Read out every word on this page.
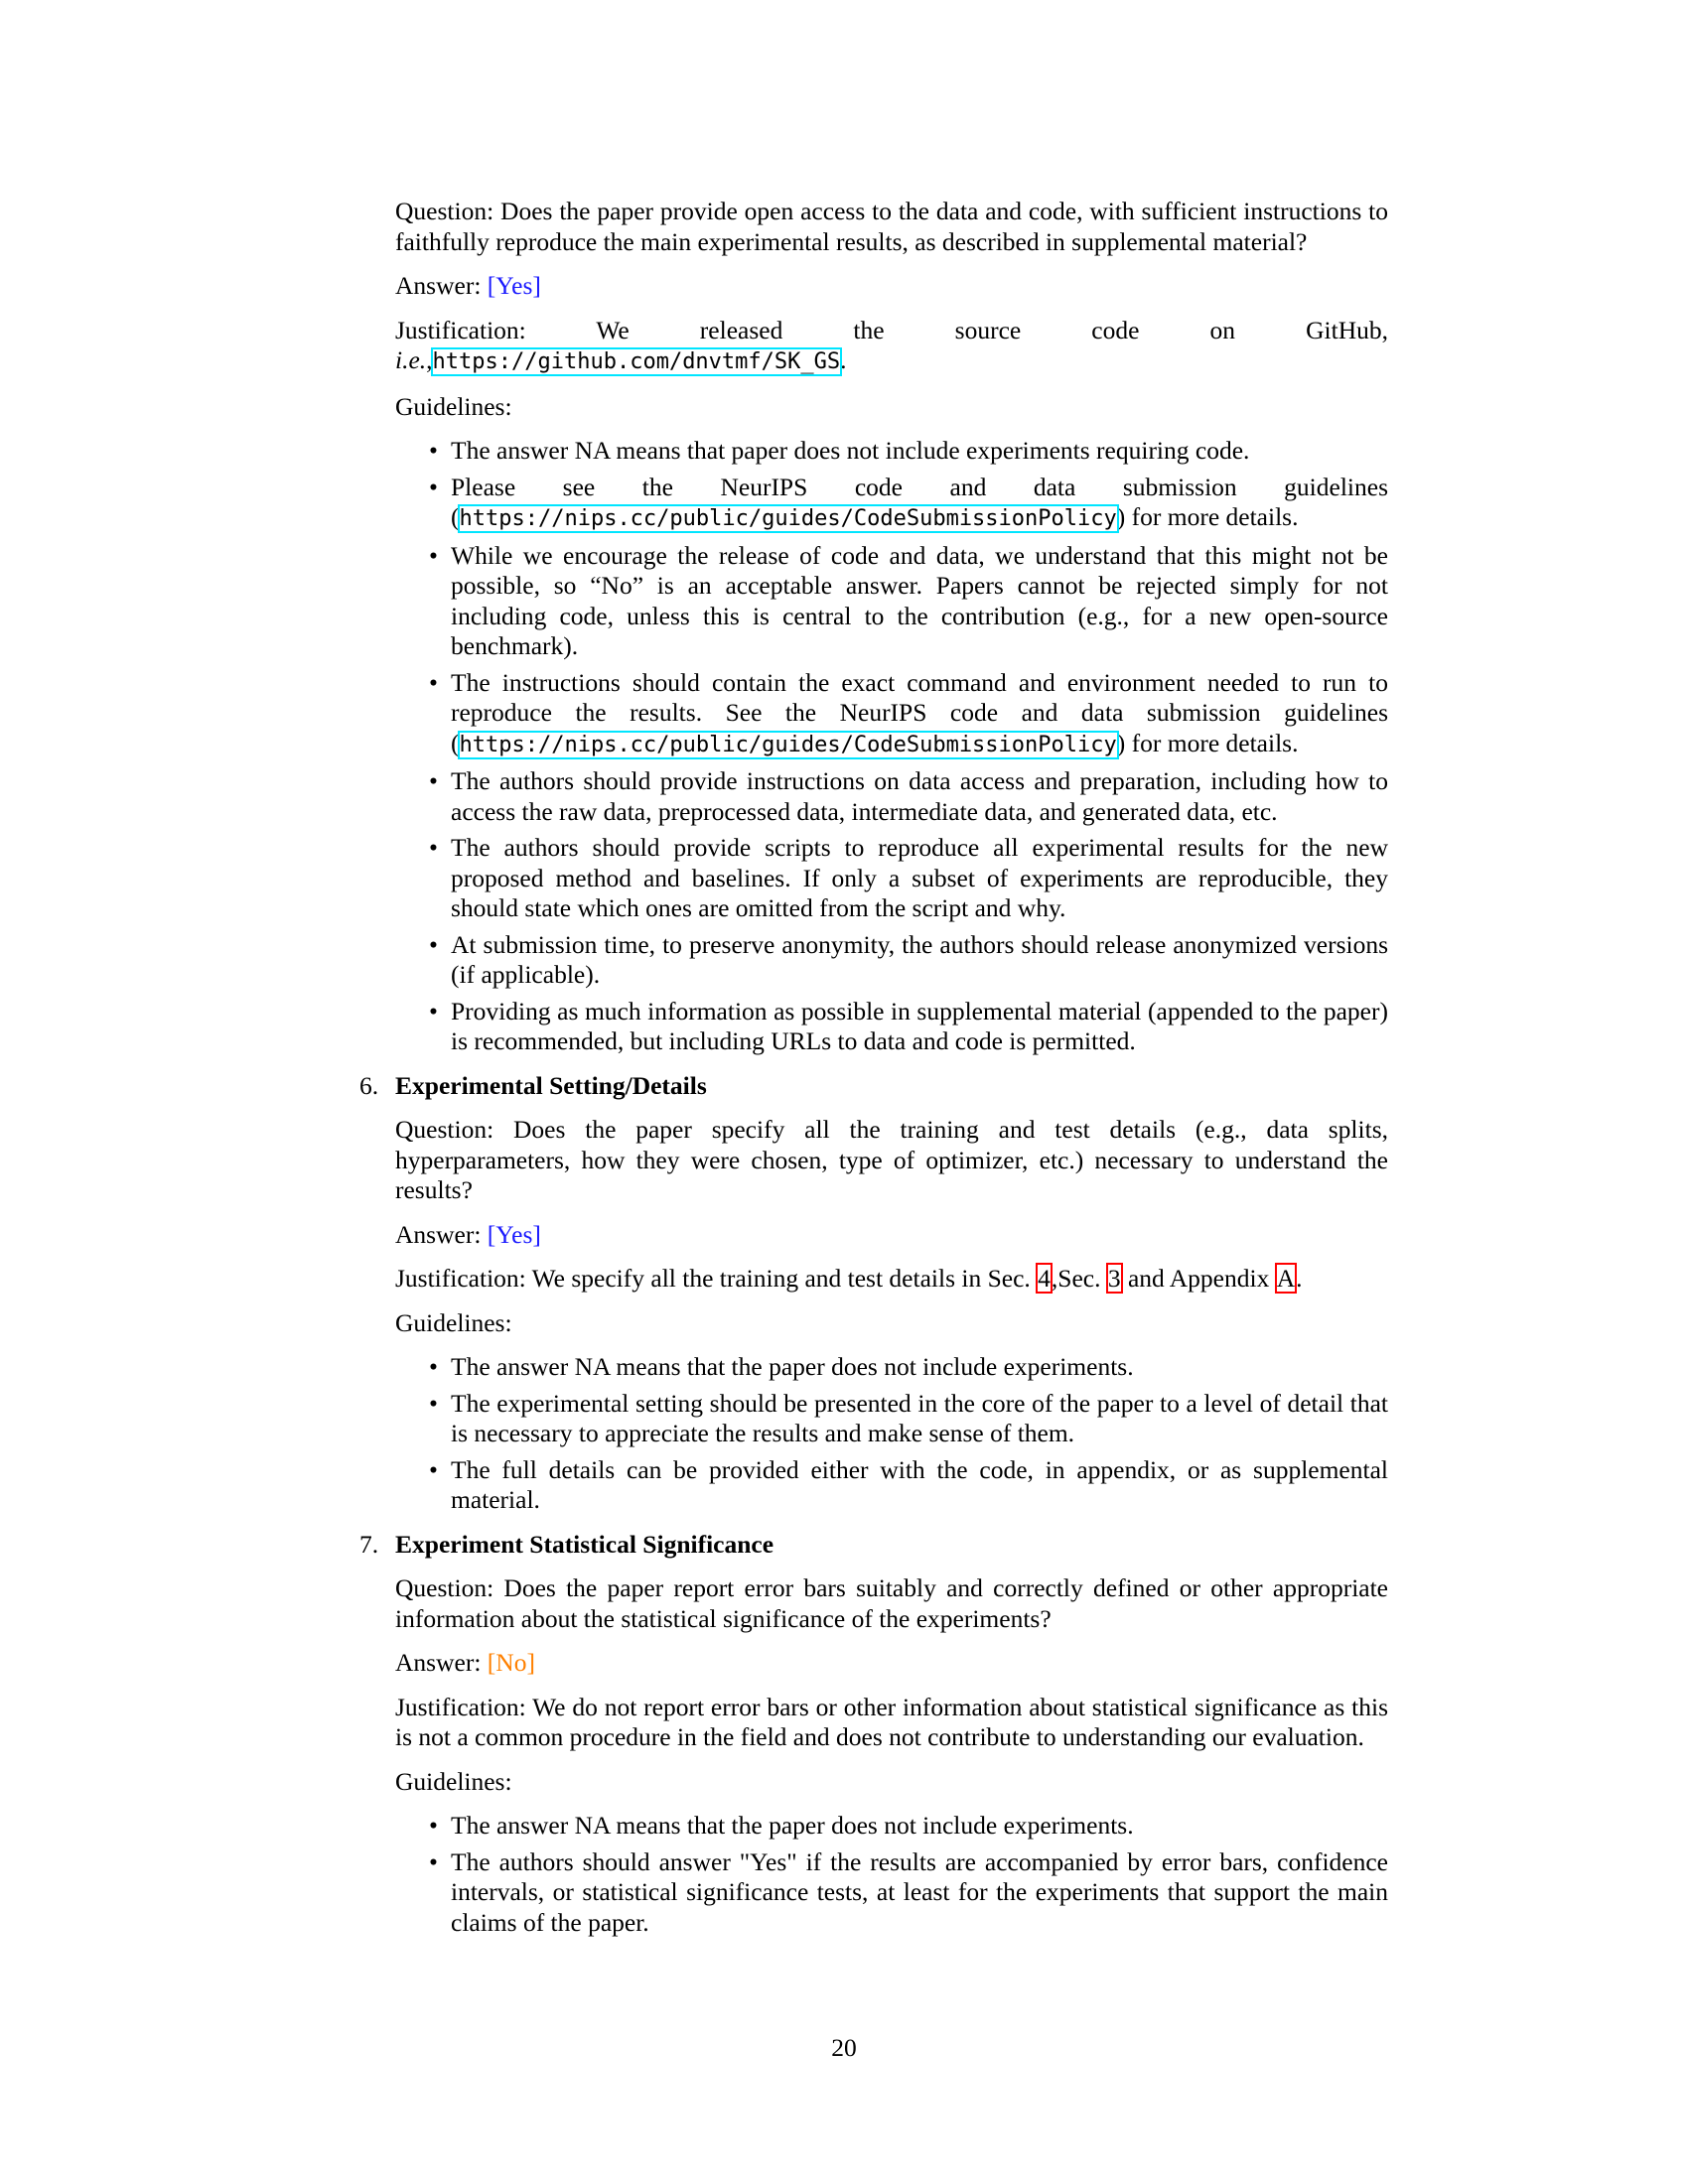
Question: Does the paper provide open access to the data and code, with sufficient instructions to faithfully reproduce the main experimental results, as described in supplemental material?

Answer: [Yes]

Justification: We released the source code on GitHub, i.e.,https://github.com/dnvtmf/SK_GS.

Guidelines:

• The answer NA means that paper does not include experiments requiring code.
• Please see the NeurIPS code and data submission guidelines (https://nips.cc/public/guides/CodeSubmissionPolicy) for more details.
• While we encourage the release of code and data, we understand that this might not be possible, so “No” is an acceptable answer. Papers cannot be rejected simply for not including code, unless this is central to the contribution (e.g., for a new open-source benchmark).
• The instructions should contain the exact command and environment needed to run to reproduce the results. See the NeurIPS code and data submission guidelines (https://nips.cc/public/guides/CodeSubmissionPolicy) for more details.
• The authors should provide instructions on data access and preparation, including how to access the raw data, preprocessed data, intermediate data, and generated data, etc.
• The authors should provide scripts to reproduce all experimental results for the new proposed method and baselines. If only a subset of experiments are reproducible, they should state which ones are omitted from the script and why.
• At submission time, to preserve anonymity, the authors should release anonymized versions (if applicable).
• Providing as much information as possible in supplemental material (appended to the paper) is recommended, but including URLs to data and code is permitted.
6. Experimental Setting/Details

Question: Does the paper specify all the training and test details (e.g., data splits, hyperparameters, how they were chosen, type of optimizer, etc.) necessary to understand the results?

Answer: [Yes]

Justification: We specify all the training and test details in Sec. 4,Sec. 3 and Appendix A.

Guidelines:

• The answer NA means that the paper does not include experiments.
• The experimental setting should be presented in the core of the paper to a level of detail that is necessary to appreciate the results and make sense of them.
• The full details can be provided either with the code, in appendix, or as supplemental material.
7. Experiment Statistical Significance

Question: Does the paper report error bars suitably and correctly defined or other appropriate information about the statistical significance of the experiments?

Answer: [No]

Justification: We do not report error bars or other information about statistical significance as this is not a common procedure in the field and does not contribute to understanding our evaluation.

Guidelines:

• The answer NA means that the paper does not include experiments.
• The authors should answer "Yes" if the results are accompanied by error bars, confidence intervals, or statistical significance tests, at least for the experiments that support the main claims of the paper.
20
